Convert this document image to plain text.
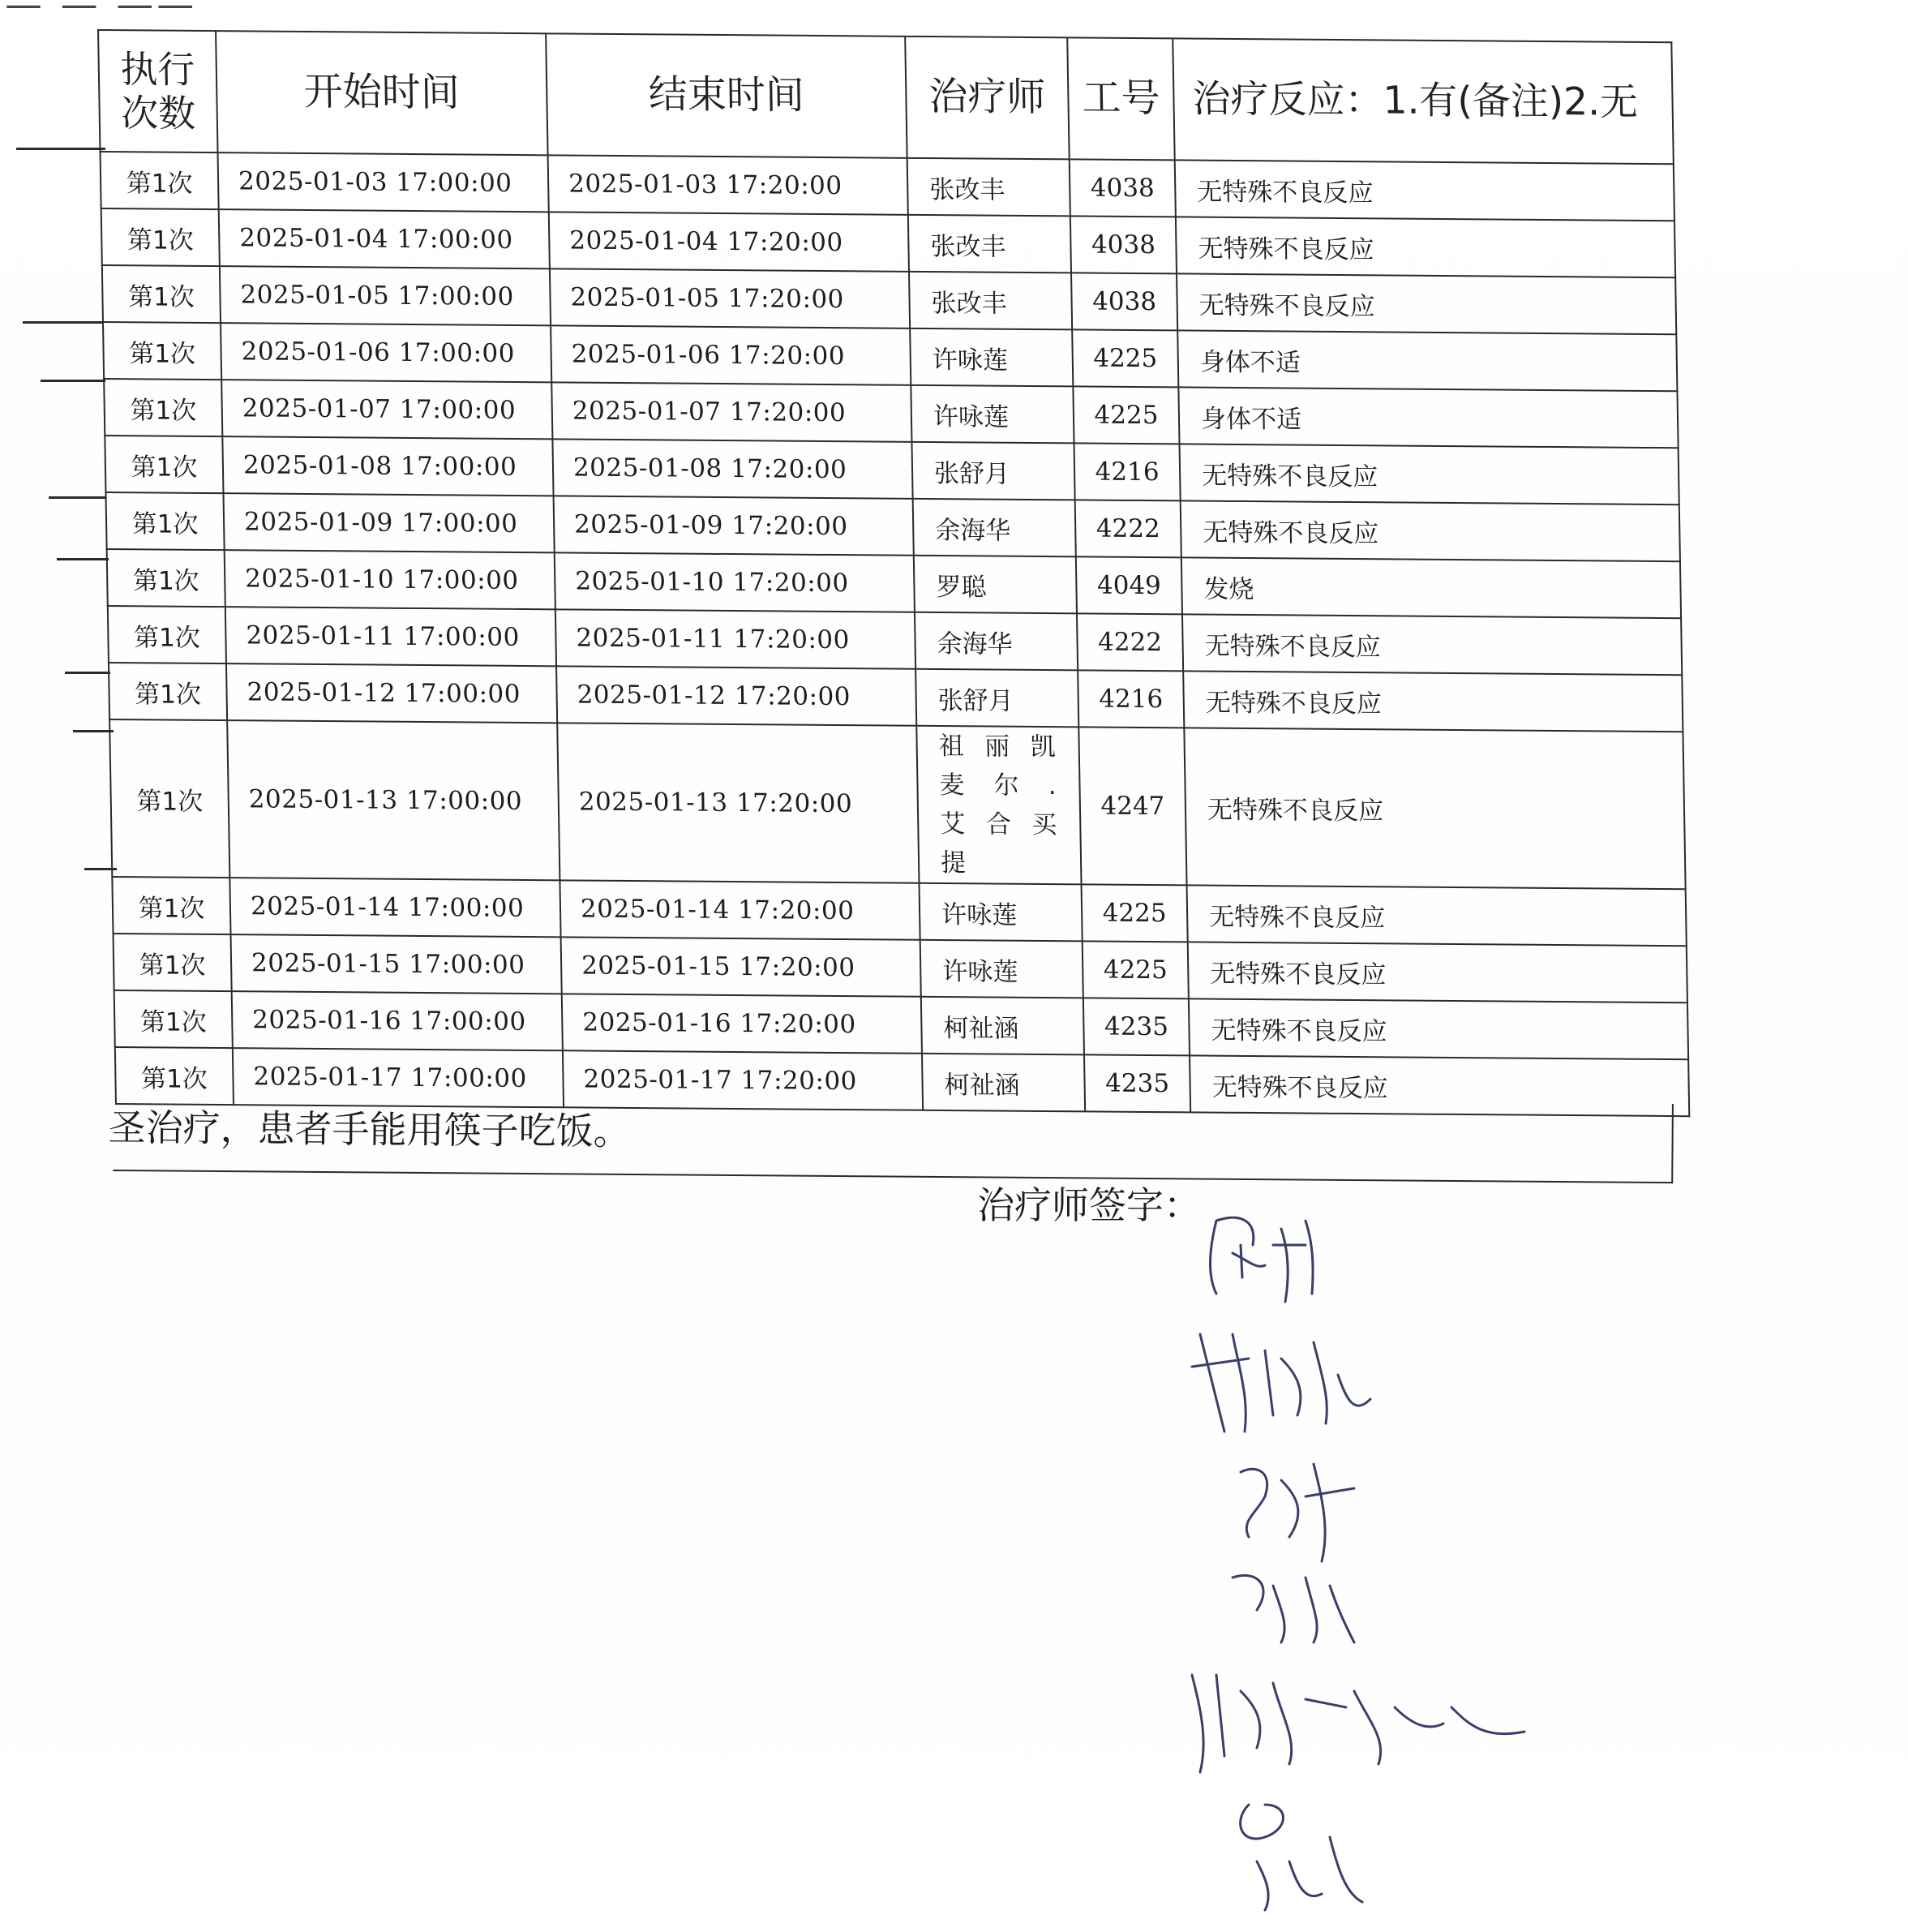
— — ——
执行
次数	开始时间	结束时间	治疗师	工号	治疗反应：1.有(备注)2.无
第1次	2025-01-03 17:00:00	2025-01-03 17:20:00	张改丰	4038	无特殊不良反应
第1次	2025-01-04 17:00:00	2025-01-04 17:20:00	张改丰	4038	无特殊不良反应
第1次	2025-01-05 17:00:00	2025-01-05 17:20:00	张改丰	4038	无特殊不良反应
第1次	2025-01-06 17:00:00	2025-01-06 17:20:00	许咏莲	4225	身体不适
第1次	2025-01-07 17:00:00	2025-01-07 17:20:00	许咏莲	4225	身体不适
第1次	2025-01-08 17:00:00	2025-01-08 17:20:00	张舒月	4216	无特殊不良反应
第1次	2025-01-09 17:00:00	2025-01-09 17:20:00	余海华	4222	无特殊不良反应
第1次	2025-01-10 17:00:00	2025-01-10 17:20:00	罗聪	4049	发烧
第1次	2025-01-11 17:00:00	2025-01-11 17:20:00	余海华	4222	无特殊不良反应
第1次	2025-01-12 17:00:00	2025-01-12 17:20:00	张舒月	4216	无特殊不良反应
第1次	2025-01-13 17:00:00	2025-01-13 17:20:00	祖丽凯麦尔.艾合买提	4247	无特殊不良反应
第1次	2025-01-14 17:00:00	2025-01-14 17:20:00	许咏莲	4225	无特殊不良反应
第1次	2025-01-15 17:00:00	2025-01-15 17:20:00	许咏莲	4225	无特殊不良反应
第1次	2025-01-16 17:00:00	2025-01-16 17:20:00	柯祉涵	4235	无特殊不良反应
第1次	2025-01-17 17:00:00	2025-01-17 17:20:00	柯祉涵	4235	无特殊不良反应
圣治疗，患者手能用筷子吃饭。
治疗师签字：
